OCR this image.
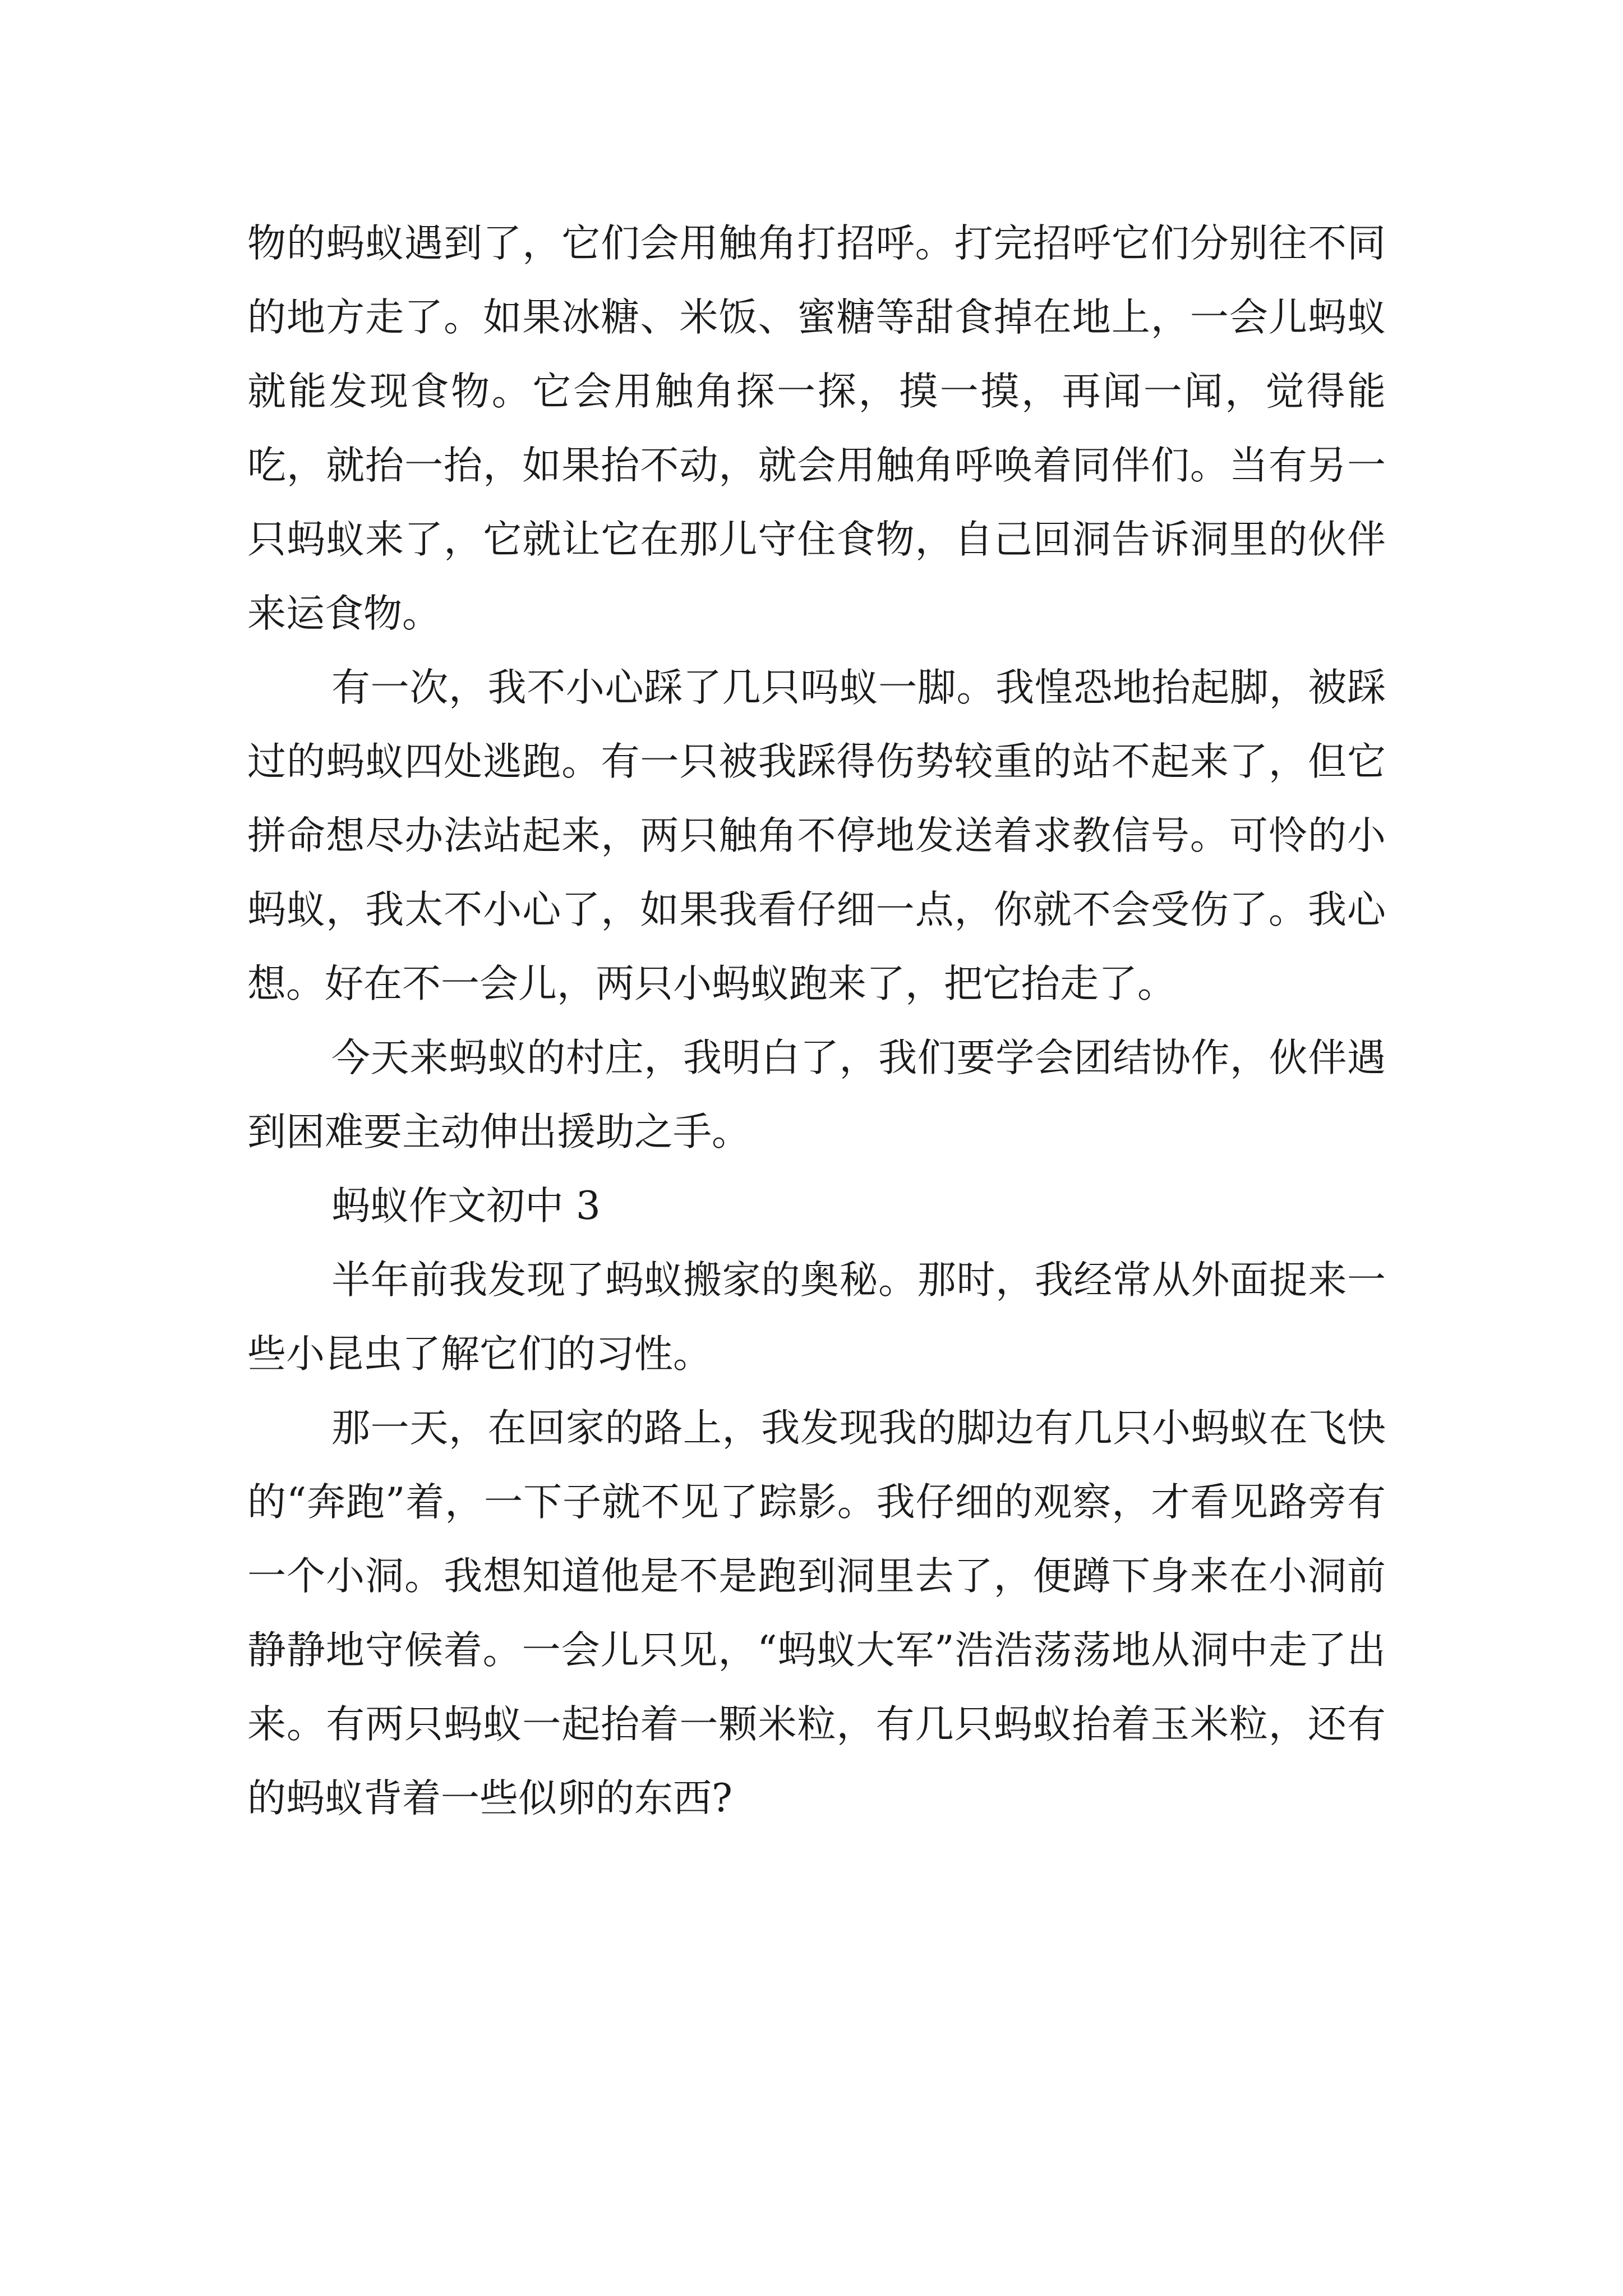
物的蚂蚁遇到了，它们会用触角打招呼。打完招呼它们分别往不同的地方走了。如果冰糖、米饭、蜜糖等甜食掉在地上，一会儿蚂蚁就能发现食物。它会用触角探一探，摸一摸，再闻一闻，觉得能吃，就抬一抬，如果抬不动，就会用触角呼唤着同伴们。当有另一只蚂蚁来了，它就让它在那儿守住食物，自己回洞告诉洞里的伙伴来运食物。

有一次，我不小心踩了几只吗蚁一脚。我惶恐地抬起脚，被踩过的蚂蚁四处逃跑。有一只被我踩得伤势较重的站不起来了，但它拼命想尽办法站起来，两只触角不停地发送着求教信号。可怜的小蚂蚁，我太不小心了，如果我看仔细一点，你就不会受伤了。我心想。好在不一会儿，两只小蚂蚁跑来了，把它抬走了。

今天来蚂蚁的村庄，我明白了，我们要学会团结协作，伙伴遇到困难要主动伸出援助之手。

蚂蚁作文初中 3

半年前我发现了蚂蚁搬家的奥秘。那时，我经常从外面捉来一些小昆虫了解它们的习性。

那一天，在回家的路上，我发现我的脚边有几只小蚂蚁在飞快的“奔跑”着，一下子就不见了踪影。我仔细的观察，才看见路旁有一个小洞。我想知道他是不是跑到洞里去了，便蹲下身来在小洞前静静地守候着。一会儿只见，“蚂蚁大军”浩浩荡荡地从洞中走了出来。有两只蚂蚁一起抬着一颗米粒，有几只蚂蚁抬着玉米粒，还有的蚂蚁背着一些似卵的东西?
